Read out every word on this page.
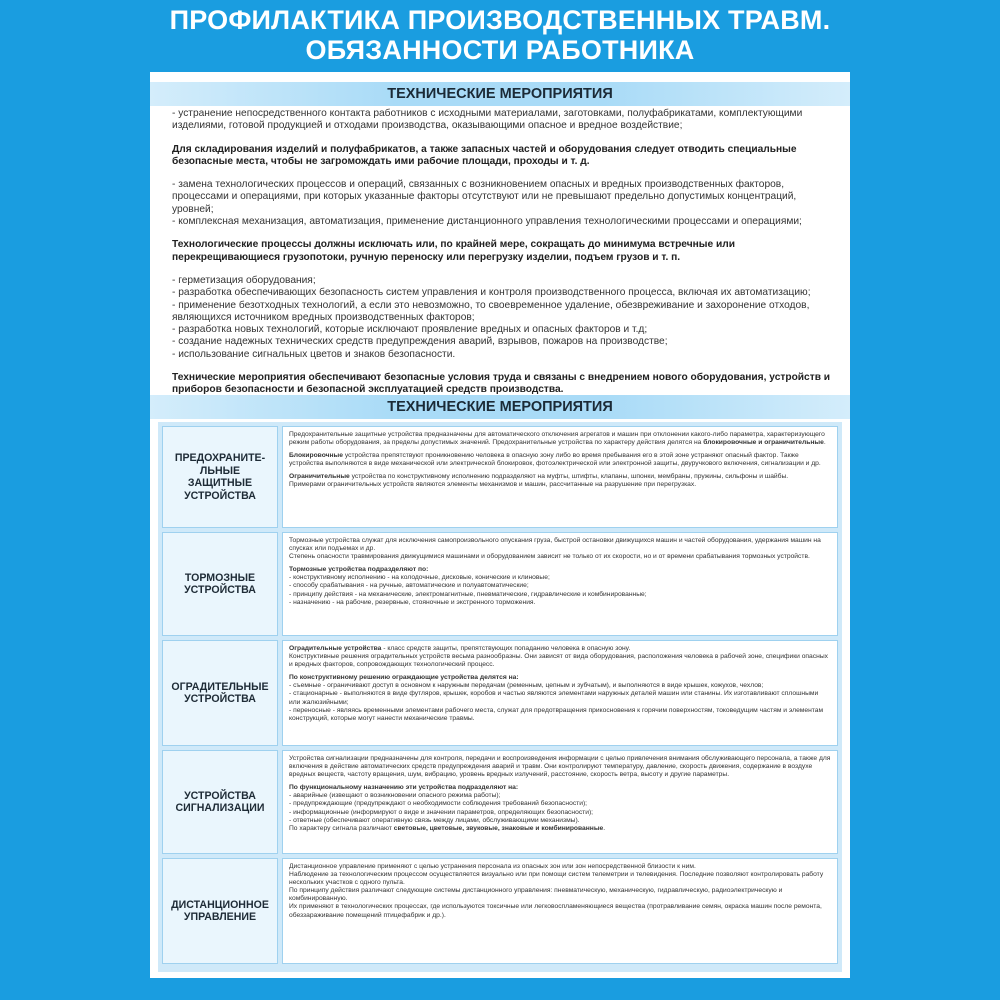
ПРОФИЛАКТИКА ПРОИЗВОДСТВЕННЫХ ТРАВМ.
ОБЯЗАННОСТИ РАБОТНИКА
ТЕХНИЧЕСКИЕ МЕРОПРИЯТИЯ

- устранение непосредственного контакта работников с исходными материалами, заготовками, полуфабрикатами, комплектующими изделиями, готовой продукцией и отходами производства, оказывающими опасное и вредное воздействие;

Для складирования изделий и полуфабрикатов, а также запасных частей и оборудования следует отводить специальные безопасные места, чтобы не загромождать ими рабочие площади, проходы и т. д.

- замена технологических процессов и операций, связанных с возникновением опасных и вредных производственных факторов, процессами и операциями, при которых указанные факторы отсутствуют или не превышают предельно допустимых концентраций, уровней;
- комплексная механизация, автоматизация, применение дистанционного управления технологическими процессами и операциями;

Технологические процессы должны исключать или, по крайней мере, сокращать до минимума встречные или перекрещивающиеся грузопотоки, ручную переноску или перегрузку изделии, подъем грузов и т. п.

- герметизация оборудования;
- разработка обеспечивающих безопасность систем управления и контроля производственного процесса, включая их автоматизацию;
- применение безотходных технологий, а если это невозможно, то своевременное удаление, обезвреживание и захоронение отходов, являющихся источником вредных производственных факторов;
- разработка новых технологий, которые исключают проявление вредных и опасных факторов и т.д;
- создание надежных технических средств предупреждения аварий, взрывов, пожаров на производстве;
- использование сигнальных цветов и знаков безопасности.

Технические мероприятия обеспечивают безопасные условия труда и связаны с внедрением нового оборудования, устройств и приборов безопасности и безопасной эксплуатацией средств производства.

ТЕХНИЧЕСКИЕ МЕРОПРИЯТИЯ
ПРЕДОХРАНИТЕ-
ЛЬНЫЕ
ЗАЩИТНЫЕ
УСТРОЙСТВА

Предохранительные защитные устройства предназначены для автоматического отключения агрегатов и машин при отклонении какого-либо параметра, характеризующего режим работы оборудования, за пределы допустимых значений. Предохранительные устройства по характеру действия делятся на блокировочные и ограничительные.

Блокировочные устройства препятствуют проникновению человека в опасную зону либо во время пребывания его в этой зоне устраняют опасный фактор. Также устройства выполняются в виде механической или электрической блокировок, фотоэлектрической или электронной защиты, двуручкового включения, сигнализации и др.

Ограничительные устройства по конструктивному исполнению подразделяют на муфты, штифты, клапаны, шпонки, мембраны, пружины, сильфоны и шайбы.
Примерами ограничительных устройств являются элементы механизмов и машин, рассчитанные на разрушение при перегрузках.

ТОРМОЗНЫЕ
УСТРОЙСТВА

Тормозные устройства служат для исключения самопроизвольного опускания груза, быстрой остановки движущихся машин и частей оборудования, удержания машин на спусках или подъемах и др.
Степень опасности травмирования движущимися машинами и оборудованием зависит не только от их скорости, но и от времени срабатывания тормозных устройств.

Тормозные устройства подразделяют по:

- конструктивному исполнению - на колодочные, дисковые, конические и клиновые;
- способу срабатывания - на ручные, автоматические и полуавтоматические;
- принципу действия - на механические, электромагнитные, пневматические, гидравлические и комбинированные;
- назначению - на рабочие, резервные, стояночные и экстренного торможения.

ОГРАДИТЕЛЬНЫЕ
УСТРОЙСТВА

Оградительные устройства - класс средств защиты, препятствующих попаданию человека в опасную зону.
Конструктивные решения оградительных устройств весьма разнообразны. Они зависят от вида оборудования, расположения человека в рабочей зоне, специфики опасных и вредных факторов, сопровождающих технологический процесс.

По конструктивному решению ограждающие устройства делятся на:

- съемные - ограничивают доступ в основном к наружным передачам (ременным, цепным и зубчатым), и выполняются в виде крышек, кожухов, чехлов;
- стационарные - выполняются в виде футляров, крышек, коробов и частью являются элементами наружных деталей машин или станины. Их изготавливают сплошными или жалюзийными;
- переносные - являясь временными элементами рабочего места, служат для предотвращения прикосновения к горячим поверхностям, токоведущим частям и элементам конструкций, которые могут нанести механические травмы.

УСТРОЙСТВА
СИГНАЛИЗАЦИИ

Устройства сигнализации предназначены для контроля, передачи и воспроизведения информации с целью привлечения внимания обслуживающего персонала, а также для включения в действие автоматических средств предупреждения аварий и травм. Они контролируют температуру, давление, скорость движения, содержание в воздухе вредных веществ, частоту вращения, шум, вибрацию, уровень вредных излучений, расстояние, скорость ветра, высоту и другие параметры.

По функциональному назначению эти устройства подразделяют на:

- аварийные (извещают о возникновении опасного режима работы);
- предупреждающие (предупреждают о необходимости соблюдения требований безопасности);
- информационные (информируют о виде и значении параметров, определяющих безопасности);
- ответные (обеспечивают оперативную связь между лицами, обслуживающими механизмы).

По характеру сигнала различают световые, цветовые, звуковые, знаковые и комбинированные.

ДИСТАНЦИОННОЕ
УПРАВЛЕНИЕ

Дистанционное управление применяют с целью устранения персонала из опасных зон или зон непосредственной близости к ним.
Наблюдение за технологическим процессом осуществляется визуально или при помощи систем телеметрии и телевидения. Последние позволяют контролировать работу нескольких участков с одного пульта.
По принципу действия различают следующие системы дистанционного управления: пневматическую, механическую, гидравлическую, радиоэлектрическую и комбинированную.
Их применяют в технологических процессах, где используются токсичные или легковоспламеняющиеся вещества (протравливание семян, окраска машин после ремонта, обеззараживание помещений птицефабрик и др.).
